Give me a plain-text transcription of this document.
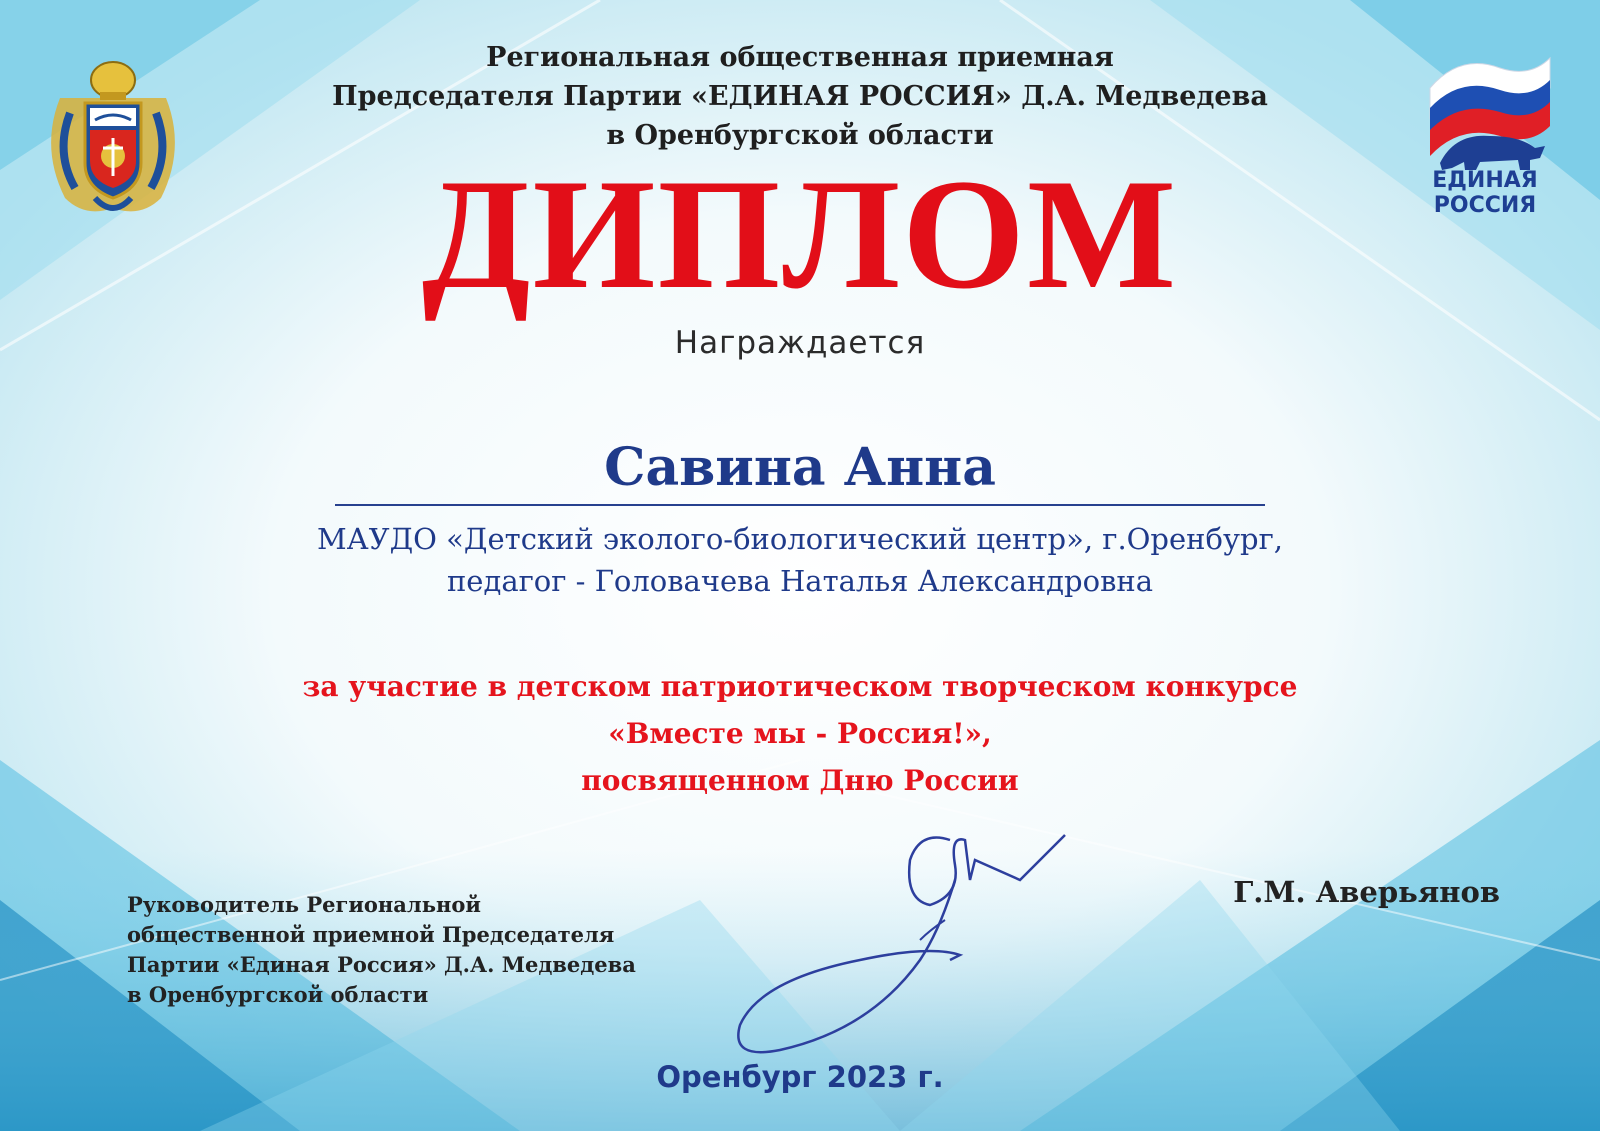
Региональная общественная приемная
Председателя Партии «ЕДИНАЯ РОССИЯ» Д.А. Медведева
в Оренбургской области
ЕДИНАЯ
РОССИЯ
ДИПЛОМ
Награждается
Савина Анна
МАУДО «Детский эколого-биологический центр», г.Оренбург,
педагог - Головачева Наталья Александровна
за участие в детском патриотическом творческом конкурсе
«Вместе мы - Россия!»,
посвященном Дню России
Руководитель Региональной
общественной приемной Председателя
Партии «Единая Россия» Д.А. Медведева
в Оренбургской области
Г.М. Аверьянов
Оренбург 2023 г.
